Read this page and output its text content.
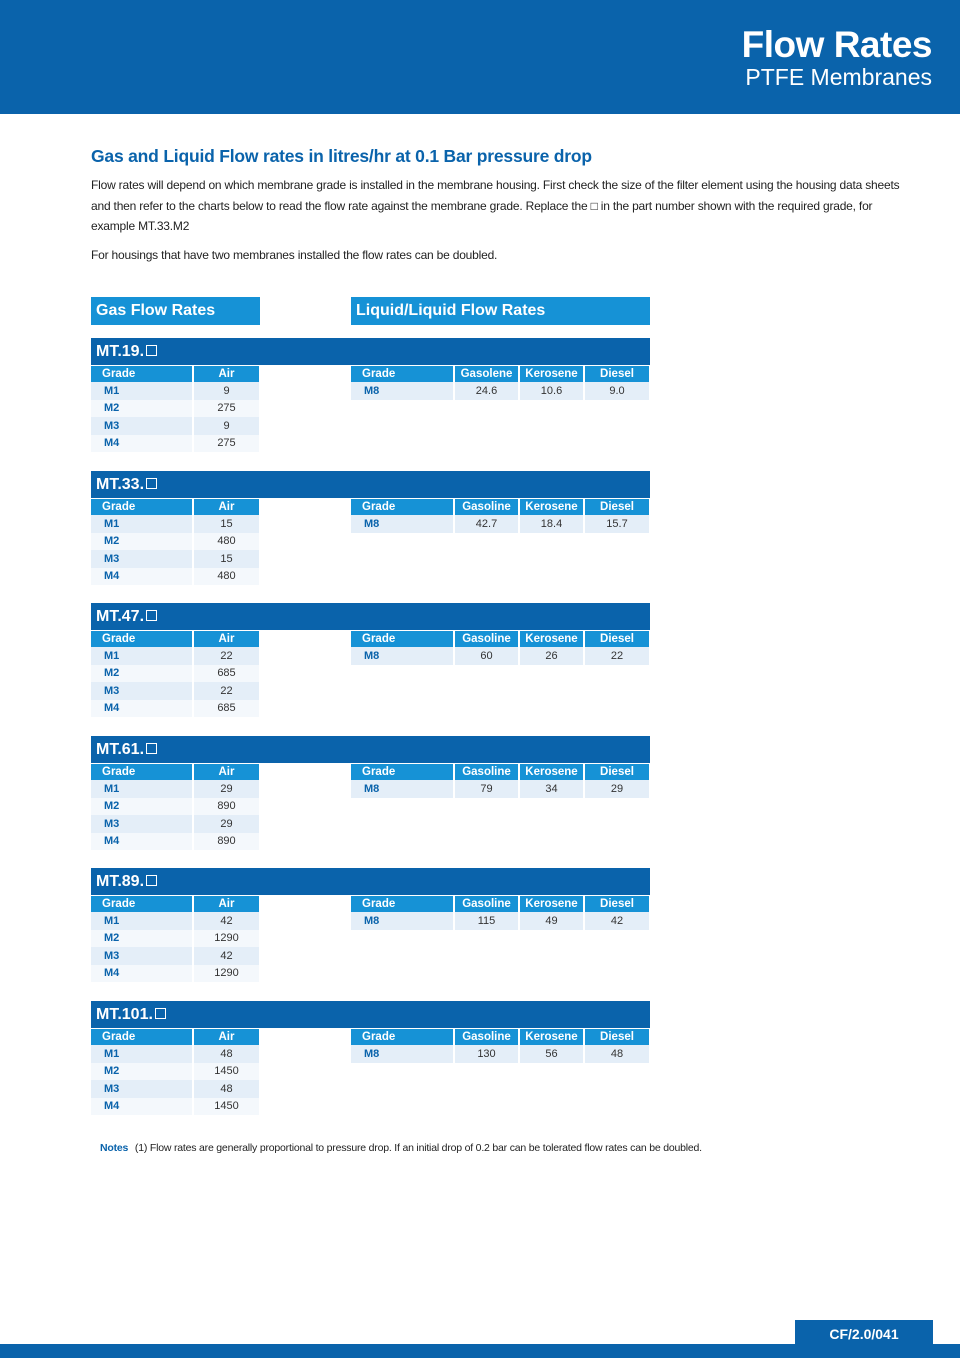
Flow Rates
PTFE Membranes
Gas and Liquid Flow rates in litres/hr at 0.1 Bar pressure drop

Flow rates will depend on which membrane grade is installed in the membrane housing. First check the size of the filter element using the housing data sheets and then refer to the charts below to read the flow rate against the membrane grade. Replace the □ in the part number shown with the required grade, for example MT.33.M2

For housings that have two membranes installed the flow rates can be doubled.

Gas Flow Rates	Liquid/Liquid Flow Rates
MT.19.
Grade	Air
M1	9
M2	275
M3	9
M4	275
Grade	Gasolene	Kerosene	Diesel
M8	24.6	10.6	9.0
MT.33.
Grade	Air
M1	15
M2	480
M3	15
M4	480
Grade	Gasoline	Kerosene	Diesel
M8	42.7	18.4	15.7
MT.47.
Grade	Air
M1	22
M2	685
M3	22
M4	685
Grade	Gasoline	Kerosene	Diesel
M8	60	26	22
MT.61.
Grade	Air
M1	29
M2	890
M3	29
M4	890
Grade	Gasoline	Kerosene	Diesel
M8	79	34	29
MT.89.
Grade	Air
M1	42
M2	1290
M3	42
M4	1290
Grade	Gasoline	Kerosene	Diesel
M8	115	49	42
MT.101.
Grade	Air
M1	48
M2	1450
M3	48
M4	1450
Grade	Gasoline	Kerosene	Diesel
M8	130	56	48
Notes (1) Flow rates are generally proportional to pressure drop. If an initial drop of 0.2 bar can be tolerated flow rates can be doubled.
CF/2.0/041
